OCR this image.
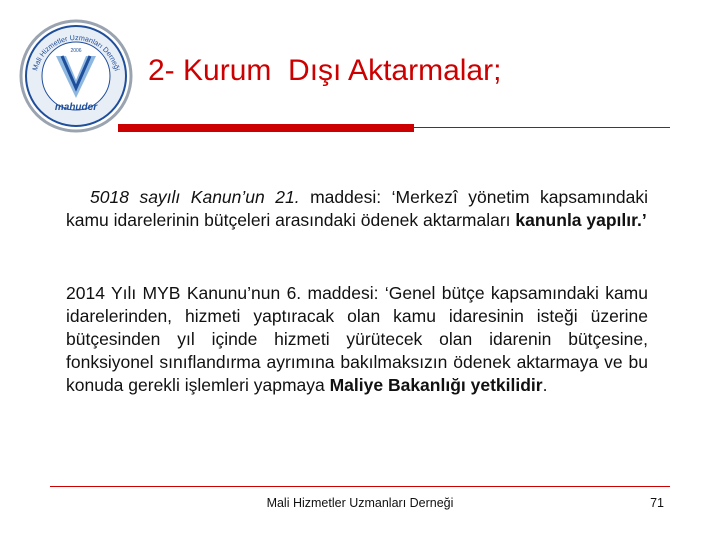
Mali Hizmetler Uzmanları Derneği
2006
mahuder
2- Kurum  Dışı Aktarmalar;
5018 sayılı Kanun’un 21. maddesi: ‘Merkezî yönetim kapsamındaki kamu idarelerinin bütçeleri arasındaki ödenek aktarmaları kanunla yapılır.’
2014 Yılı MYB Kanunu’nun 6. maddesi: ‘Genel bütçe kapsamındaki kamu idarelerinden, hizmeti yaptıracak olan kamu idaresinin isteği üzerine bütçesinden yıl içinde hizmeti yürütecek olan idarenin bütçesine, fonksiyonel sınıflandırma ayrımına bakılmaksızın ödenek aktarmaya ve bu konuda gerekli işlemleri yapmaya Maliye Bakanlığı yetkilidir.
Mali Hizmetler Uzmanları Derneği	71
